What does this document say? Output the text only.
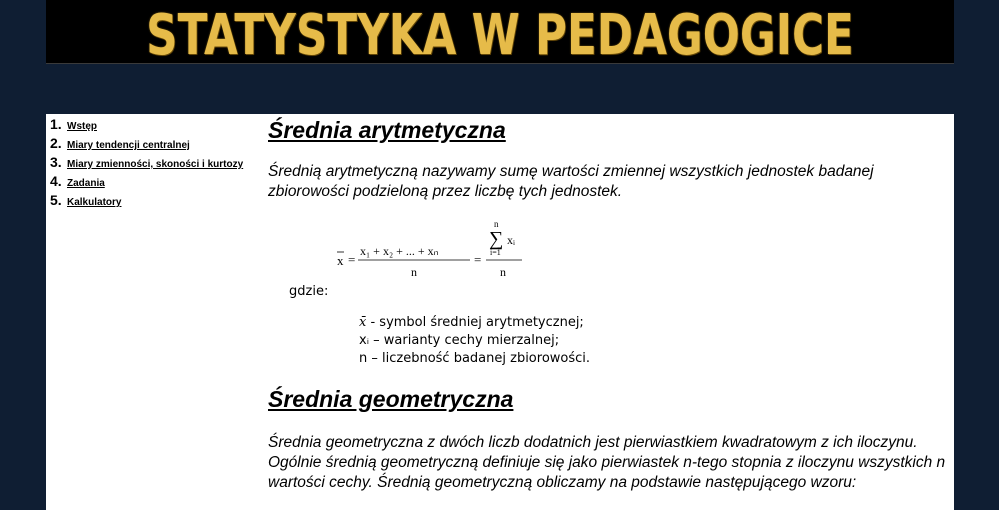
STATYSTYKA W PEDAGOGICE
1. Wstęp
2. Miary tendencji centralnej
3. Miary zmienności, skoności i kurtozy
4. Zadania
5. Kalkulatory
Średnia arytmetyczna

Średnią arytmetyczną nazywamy sumę wartości zmiennej wszystkich jednostek badanej zbiorowości podzieloną przez liczbę tych jednostek.

x =
x₁ + x₂ + ... + xₙ
n
=
n
∑
i=1
xᵢ
n
gdzie:
x̄ - symbol średniej arytmetycznej;
xᵢ – warianty cechy mierzalnej;
n – liczebność badanej zbiorowości.
Średnia geometryczna

Średnia geometryczna z dwóch liczb dodatnich jest pierwiastkiem kwadratowym z ich iloczynu. Ogólnie średnią geometryczną definiuje się jako pierwiastek n-tego stopnia z iloczynu wszystkich n wartości cechy. Średnią geometryczną obliczamy na podstawie następującego wzoru:
